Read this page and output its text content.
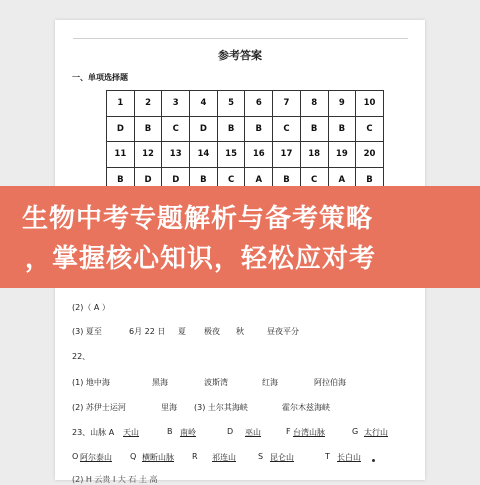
参考答案
一、单项选择题
1	2	3	4	5	6	7	8	9	10
D	B	C	D	B	B	C	B	B	C
11	12	13	14	15	16	17	18	19	20
B	D	D	B	C	A	B	C	A	B
(2)（ A ）
(3) 夏至	6月 22 日 夏 极夜 秋	昼夜平分
22、
(1) 地中海	黑海	波斯湾	红海	阿拉伯海
(2) 苏伊士运河	里海 (3) 土尔其海峡	霍尔木兹海峡
23、山脉 A 天山	B 南岭	D 巫山	F 台湾山脉	G 太行山
O 阿尔泰山 Q 横断山脉 R 祁连山	S 昆仑山	T 长白山
(2) H 云贵 I 大 石 土 高
生物中考专题解析与备考策略
，掌握核心知识，轻松应对考
